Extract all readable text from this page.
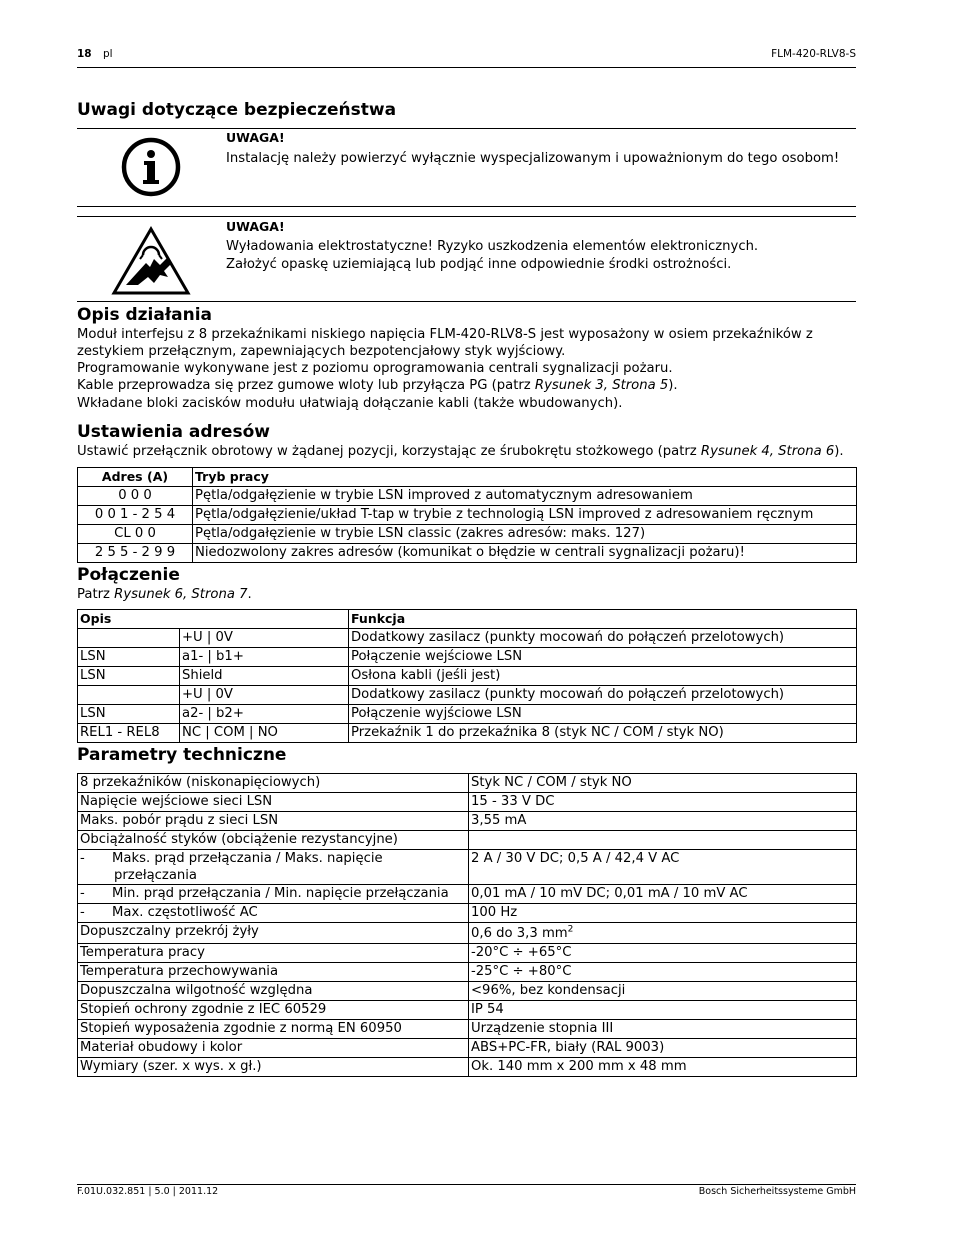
18 pl	FLM-420-RLV8-S
Uwagi dotyczące bezpieczeństwa
UWAGA!
Instalację należy powierzyć wyłącznie wyspecjalizowanym i upoważnionym do tego osobom!
UWAGA!
Wyładowania elektrostatyczne! Ryzyko uszkodzenia elementów elektronicznych.
Założyć opaskę uziemiającą lub podjąć inne odpowiednie środki ostrożności.
Opis działania
Moduł interfejsu z 8 przekaźnikami niskiego napięcia FLM-420-RLV8-S jest wyposażony w osiem przekaźników z
zestykiem przełącznym, zapewniających bezpotencjałowy styk wyjściowy.
Programowanie wykonywane jest z poziomu oprogramowania centrali sygnalizacji pożaru.
Kable przeprowadza się przez gumowe wloty lub przyłącza PG (patrz Rysunek 3, Strona 5).
Wkładane bloki zacisków modułu ułatwiają dołączanie kabli (także wbudowanych).
Ustawienia adresów
Ustawić przełącznik obrotowy w żądanej pozycji, korzystając ze śrubokrętu stożkowego (patrz Rysunek 4, Strona 6).
Adres (A)	Tryb pracy
0 0 0	Pętla/odgałęzienie w trybie LSN improved z automatycznym adresowaniem
0 0 1 - 2 5 4	Pętla/odgałęzienie/układ T-tap w trybie z technologią LSN improved z adresowaniem ręcznym
CL 0 0	Pętla/odgałęzienie w trybie LSN classic (zakres adresów: maks. 127)
2 5 5 - 2 9 9	Niedozwolony zakres adresów (komunikat o błędzie w centrali sygnalizacji pożaru)!
Połączenie
Patrz Rysunek 6, Strona 7.
Opis		Funkcja
	+U | 0V	Dodatkowy zasilacz (punkty mocowań do połączeń przelotowych)
LSN	a1- | b1+	Połączenie wejściowe LSN
LSN	Shield	Osłona kabli (jeśli jest)
	+U | 0V	Dodatkowy zasilacz (punkty mocowań do połączeń przelotowych)
LSN	a2- | b2+	Połączenie wyjściowe LSN
REL1 - REL8	NC | COM | NO	Przekaźnik 1 do przekaźnika 8 (styk NC / COM / styk NO)
Parametry techniczne
8 przekaźników (niskonapięciowych)	Styk NC / COM / styk NO
Napięcie wejściowe sieci LSN	15 - 33 V DC
Maks. pobór prądu z sieci LSN	3,55 mA
Obciążalność styków (obciążenie rezystancyjne)	
- Maks. prąd przełączania / Maks. napięcie
przełączania	2 A / 30 V DC; 0,5 A / 42,4 V AC
- Min. prąd przełączania / Min. napięcie przełączania	0,01 mA / 10 mV DC; 0,01 mA / 10 mV AC
- Max. częstotliwość AC	100 Hz
Dopuszczalny przekrój żyły	0,6 do 3,3 $mm^2$
Temperatura pracy	-20°C ÷ +65°C
Temperatura przechowywania	-25°C ÷ +80°C
Dopuszczalna wilgotność względna	<96%, bez kondensacji
Stopień ochrony zgodnie z IEC 60529	IP 54
Stopień wyposażenia zgodnie z normą EN 60950	Urządzenie stopnia III
Materiał obudowy i kolor	ABS+PC-FR, biały (RAL 9003)
Wymiary (szer. x wys. x gł.)	Ok. 140 mm x 200 mm x 48 mm
F.01U.032.851 | 5.0 | 2011.12	Bosch Sicherheitssysteme GmbH
